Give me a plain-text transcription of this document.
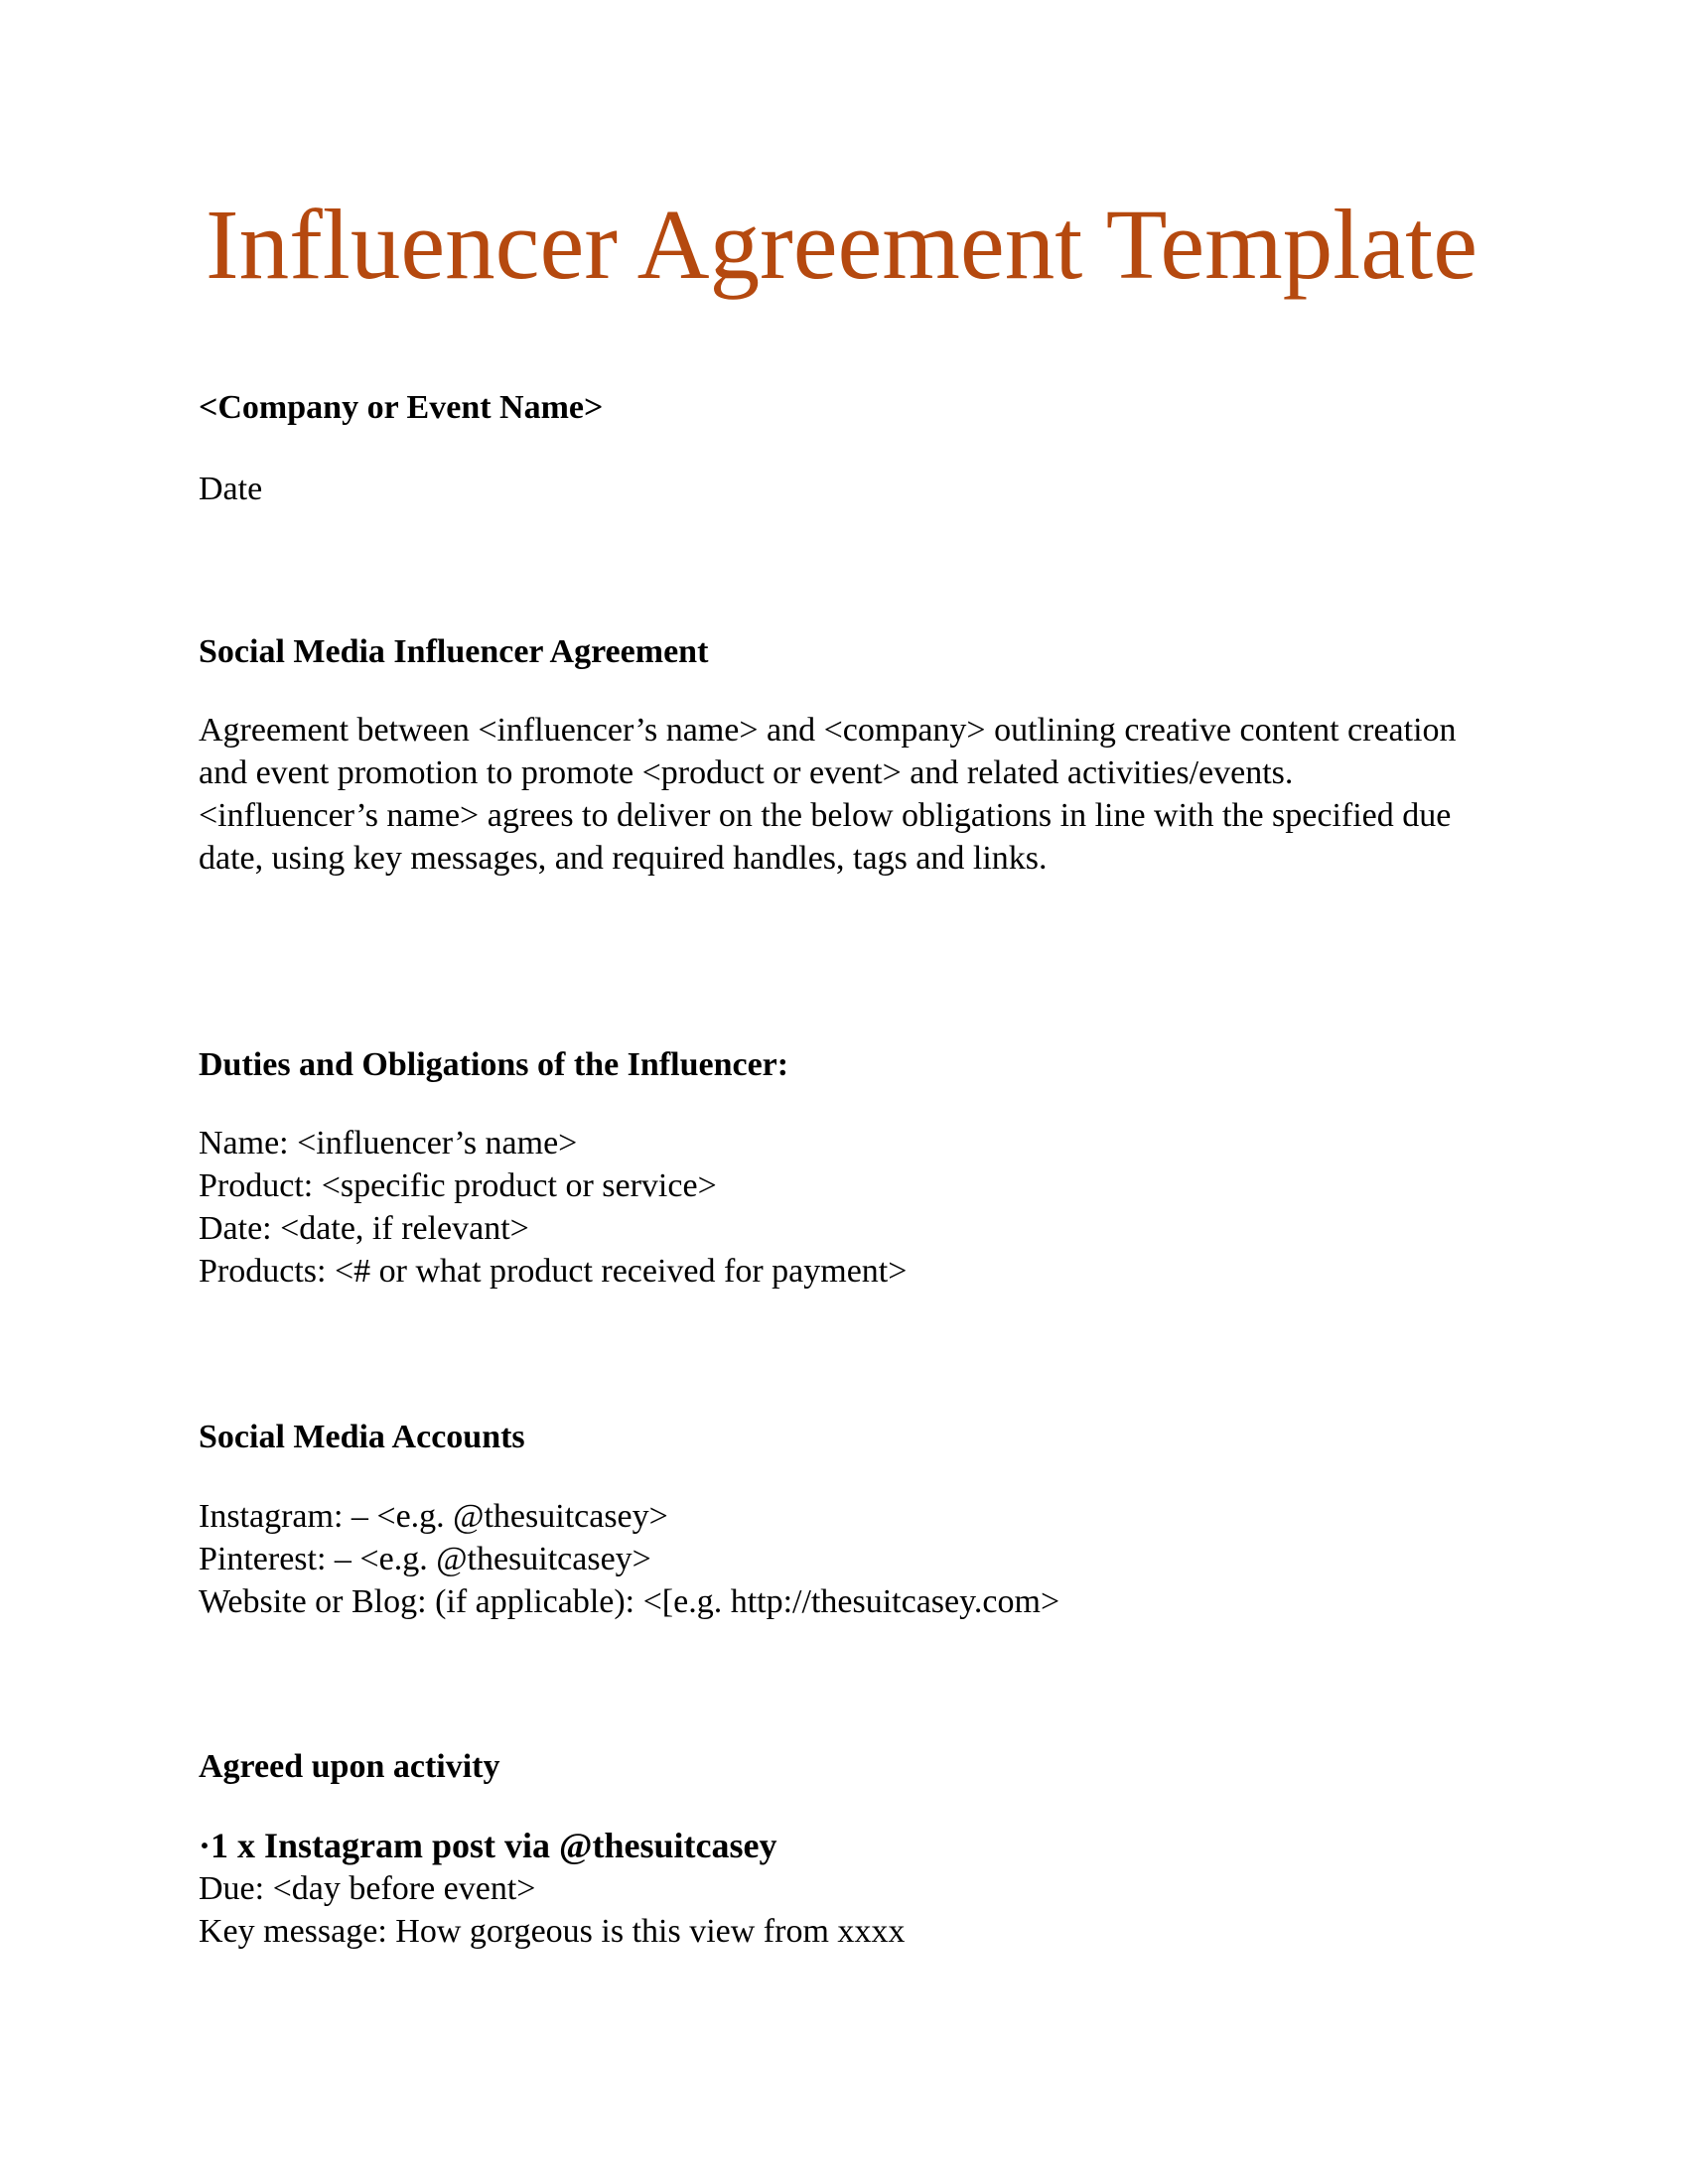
Influencer Agreement Template
<Company or Event Name>
Date
Social Media Influencer Agreement
Agreement between <influencer’s name> and <company> outlining creative content creation and event promotion to promote <product or event> and related activities/events.
<influencer’s name> agrees to deliver on the below obligations in line with the specified due date, using key messages, and required handles, tags and links.
Duties and Obligations of the Influencer:
Name: <influencer’s name>
Product: <specific product or service>
Date: <date, if relevant>
Products: <# or what product received for payment>
Social Media Accounts
Instagram: – <e.g. @thesuitcasey>
Pinterest: – <e.g. @thesuitcasey>
Website or Blog: (if applicable): <[e.g. http://thesuitcasey.com>
Agreed upon activity
·1 x Instagram post via @thesuitcasey
Due: <day before event>
Key message: How gorgeous is this view from xxxx
